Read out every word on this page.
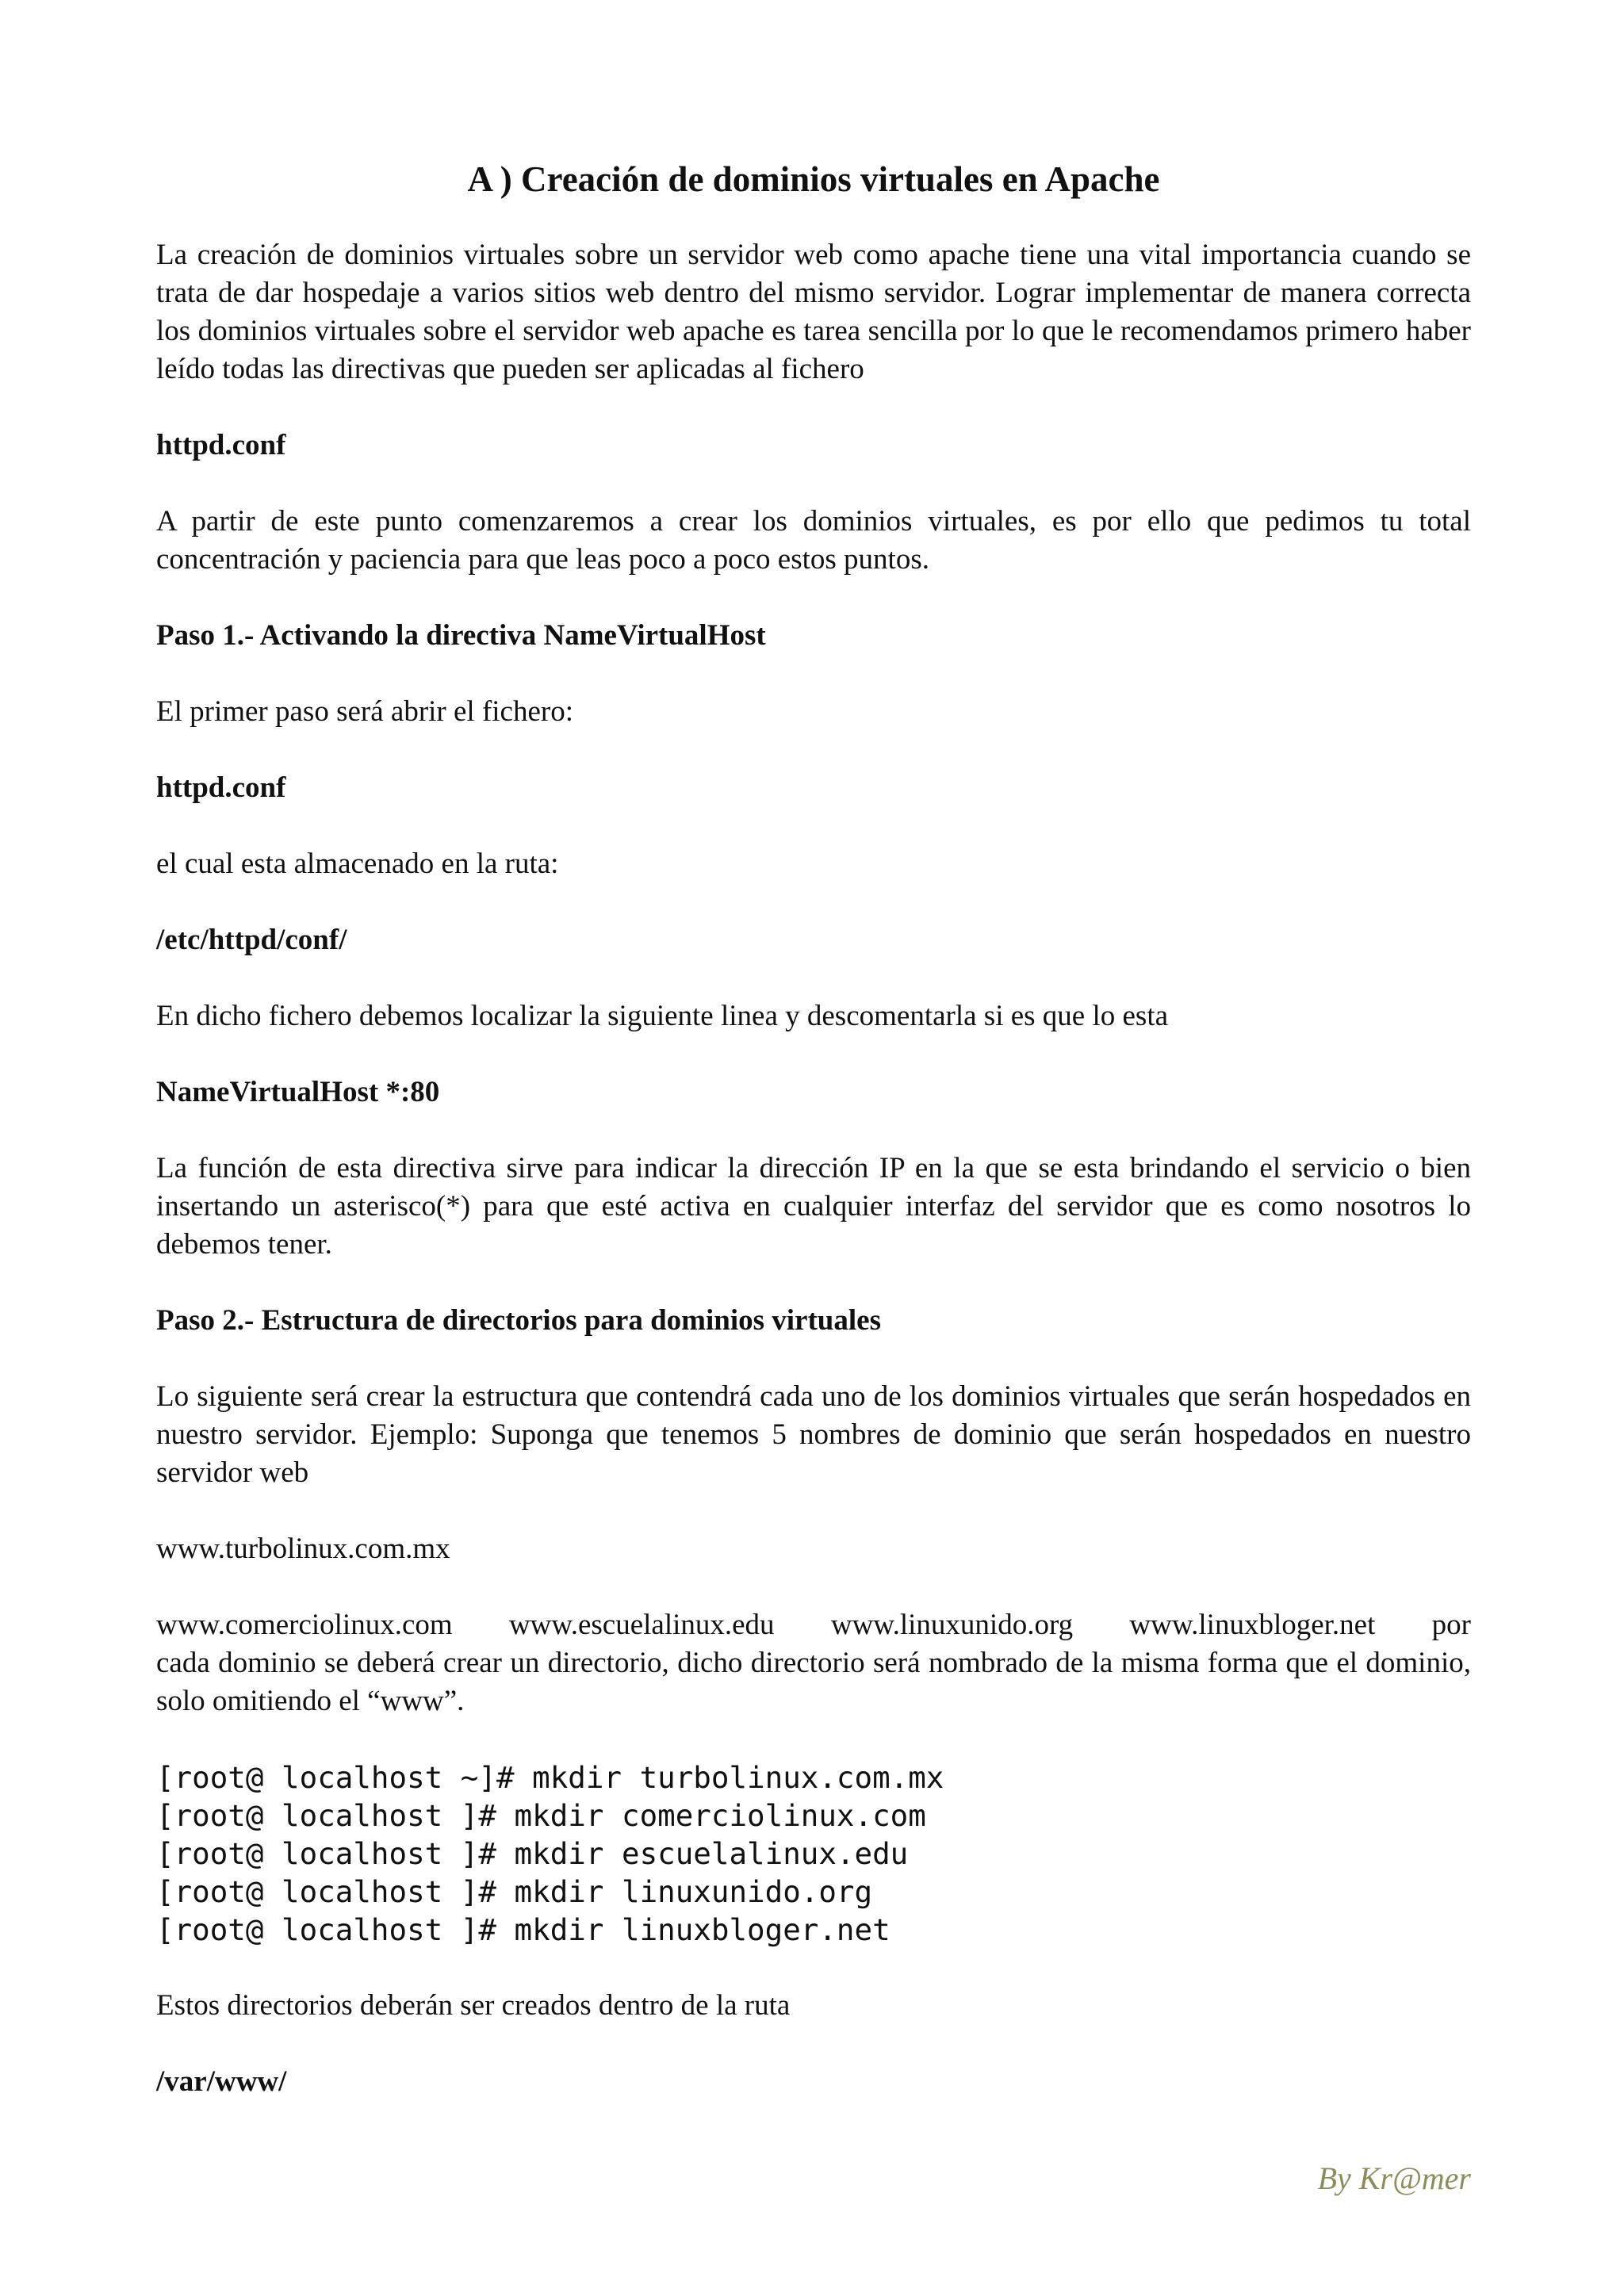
A ) Creación de dominios virtuales en Apache

La creación de dominios virtuales sobre un servidor web como apache tiene una vital importancia cuando se trata de dar hospedaje a varios sitios web dentro del mismo servidor. Lograr implementar de manera correcta los dominios virtuales sobre el servidor web apache es tarea sencilla por lo que le recomendamos primero haber leído todas las directivas que pueden ser aplicadas al fichero

httpd.conf

A partir de este punto comenzaremos a crear los dominios virtuales, es por ello que pedimos tu total concentración y paciencia para que leas poco a poco estos puntos.

Paso 1.- Activando la directiva NameVirtualHost

El primer paso será abrir el fichero:

httpd.conf

el cual esta almacenado en la ruta:

/etc/httpd/conf/

En dicho fichero debemos localizar la siguiente linea y descomentarla si es que lo esta

NameVirtualHost *:80

La función de esta directiva sirve para indicar la dirección IP en la que se esta brindando el servicio o bien insertando un asterisco(*) para que esté activa en cualquier interfaz del servidor que es como nosotros lo debemos tener.

Paso 2.- Estructura de directorios para dominios virtuales

Lo siguiente será crear la estructura que contendrá cada uno de los dominios virtuales que serán hospedados en nuestro servidor. Ejemplo: Suponga que tenemos 5 nombres de dominio que serán hospedados en nuestro servidor web

www.turbolinux.com.mx

www.comerciolinux.com www.escuelalinux.edu www.linuxunido.org www.linuxbloger.net por
cada dominio se deberá crear un directorio, dicho directorio será nombrado de la misma forma que el dominio, solo omitiendo el “www”.
[root@ localhost ~]# mkdir turbolinux.com.mx
[root@ localhost ]# mkdir comerciolinux.com
[root@ localhost ]# mkdir escuelalinux.edu
[root@ localhost ]# mkdir linuxunido.org
[root@ localhost ]# mkdir linuxbloger.net

Estos directorios deberán ser creados dentro de la ruta

/var/www/

By Kr@mer
